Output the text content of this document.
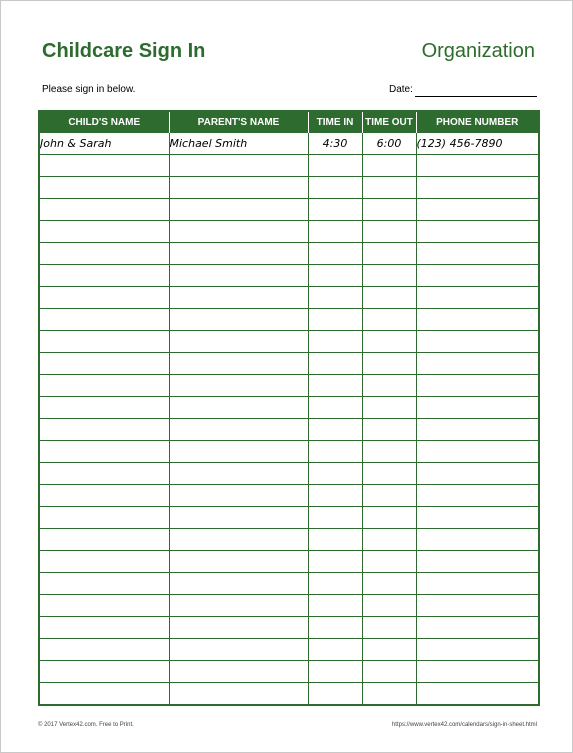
Childcare Sign In	Organization
Please sign in below.	Date:
CHILD'S NAME	PARENT'S NAME	TIME IN	TIME OUT	PHONE NUMBER
John & Sarah	Michael Smith	4:30	6:00	(123) 456-7890

© 2017 Vertex42.com. Free to Print.	https://www.vertex42.com/calendars/sign-in-sheet.html
